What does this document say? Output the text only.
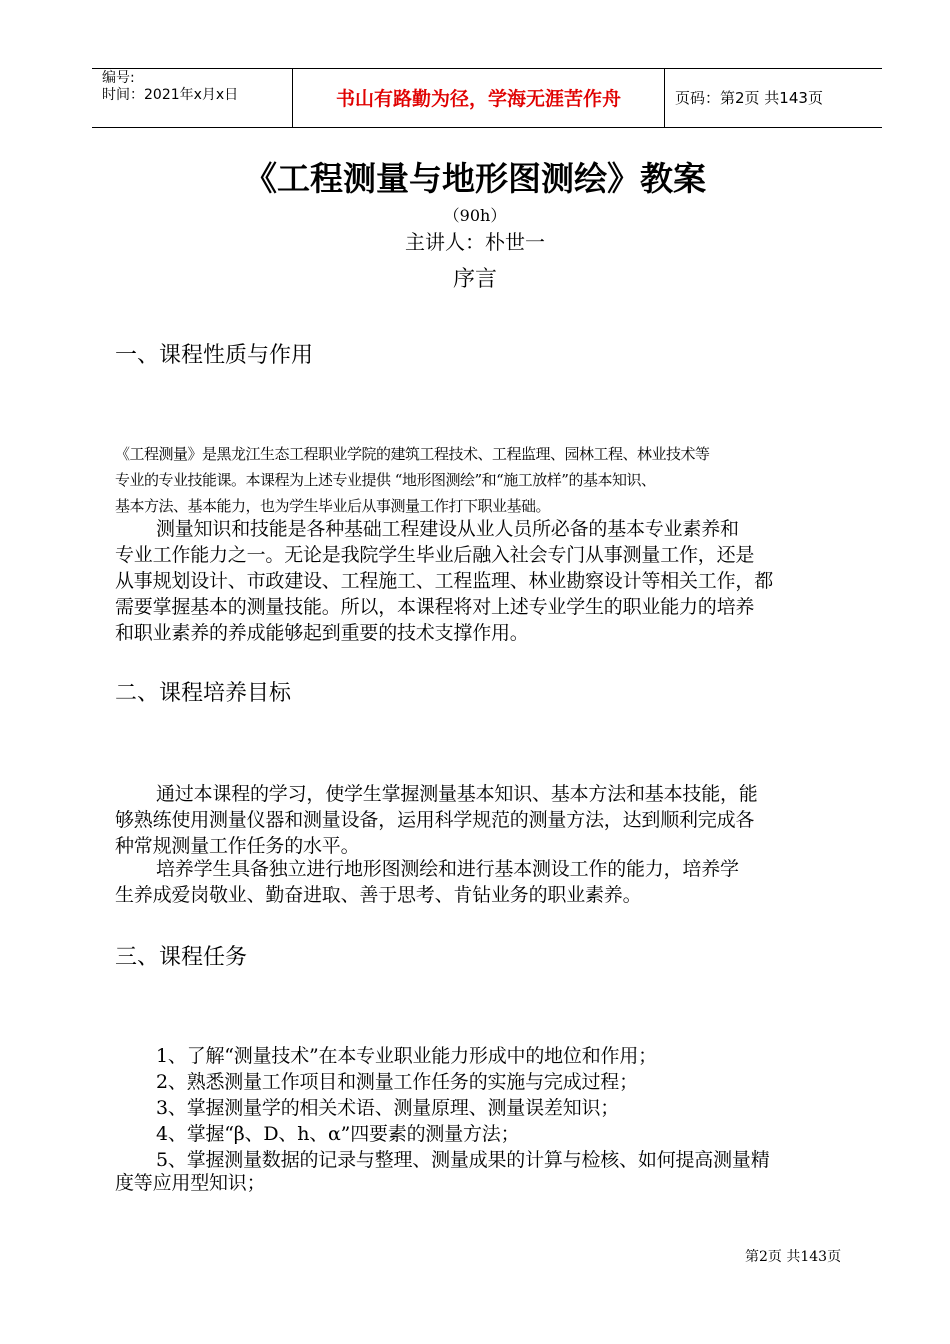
编号:
时间：2021年x月x日	书山有路勤为径，学海无涯苦作舟	页码：第2页 共143页
《工程测量与地形图测绘》教案
（90h）
主讲人：朴世一
序言
一、课程性质与作用
《工程测量》是黑龙江生态工程职业学院的建筑工程技术、工程监理、园林工程、林业技术等
专业的专业技能课。本课程为上述专业提供 “地形图测绘”和“施工放样”的基本知识、
基本方法、基本能力，也为学生毕业后从事测量工作打下职业基础。
测量知识和技能是各种基础工程建设从业人员所必备的基本专业素养和
专业工作能力之一。无论是我院学生毕业后融入社会专门从事测量工作，还是
从事规划设计、市政建设、工程施工、工程监理、林业勘察设计等相关工作，都
需要掌握基本的测量技能。所以，本课程将对上述专业学生的职业能力的培养
和职业素养的养成能够起到重要的技术支撑作用。
二、课程培养目标
通过本课程的学习，使学生掌握测量基本知识、基本方法和基本技能，能
够熟练使用测量仪器和测量设备，运用科学规范的测量方法，达到顺利完成各
种常规测量工作任务的水平。
培养学生具备独立进行地形图测绘和进行基本测设工作的能力，培养学
生养成爱岗敬业、勤奋进取、善于思考、肯钻业务的职业素养。
三、课程任务
1、了解“测量技术”在本专业职业能力形成中的地位和作用；
2、熟悉测量工作项目和测量工作任务的实施与完成过程；
3、掌握测量学的相关术语、测量原理、测量误差知识；
4、掌握“β、D、h、α”四要素的测量方法；
5、掌握测量数据的记录与整理、测量成果的计算与检核、如何提高测量精
度等应用型知识；
第2页 共143页
